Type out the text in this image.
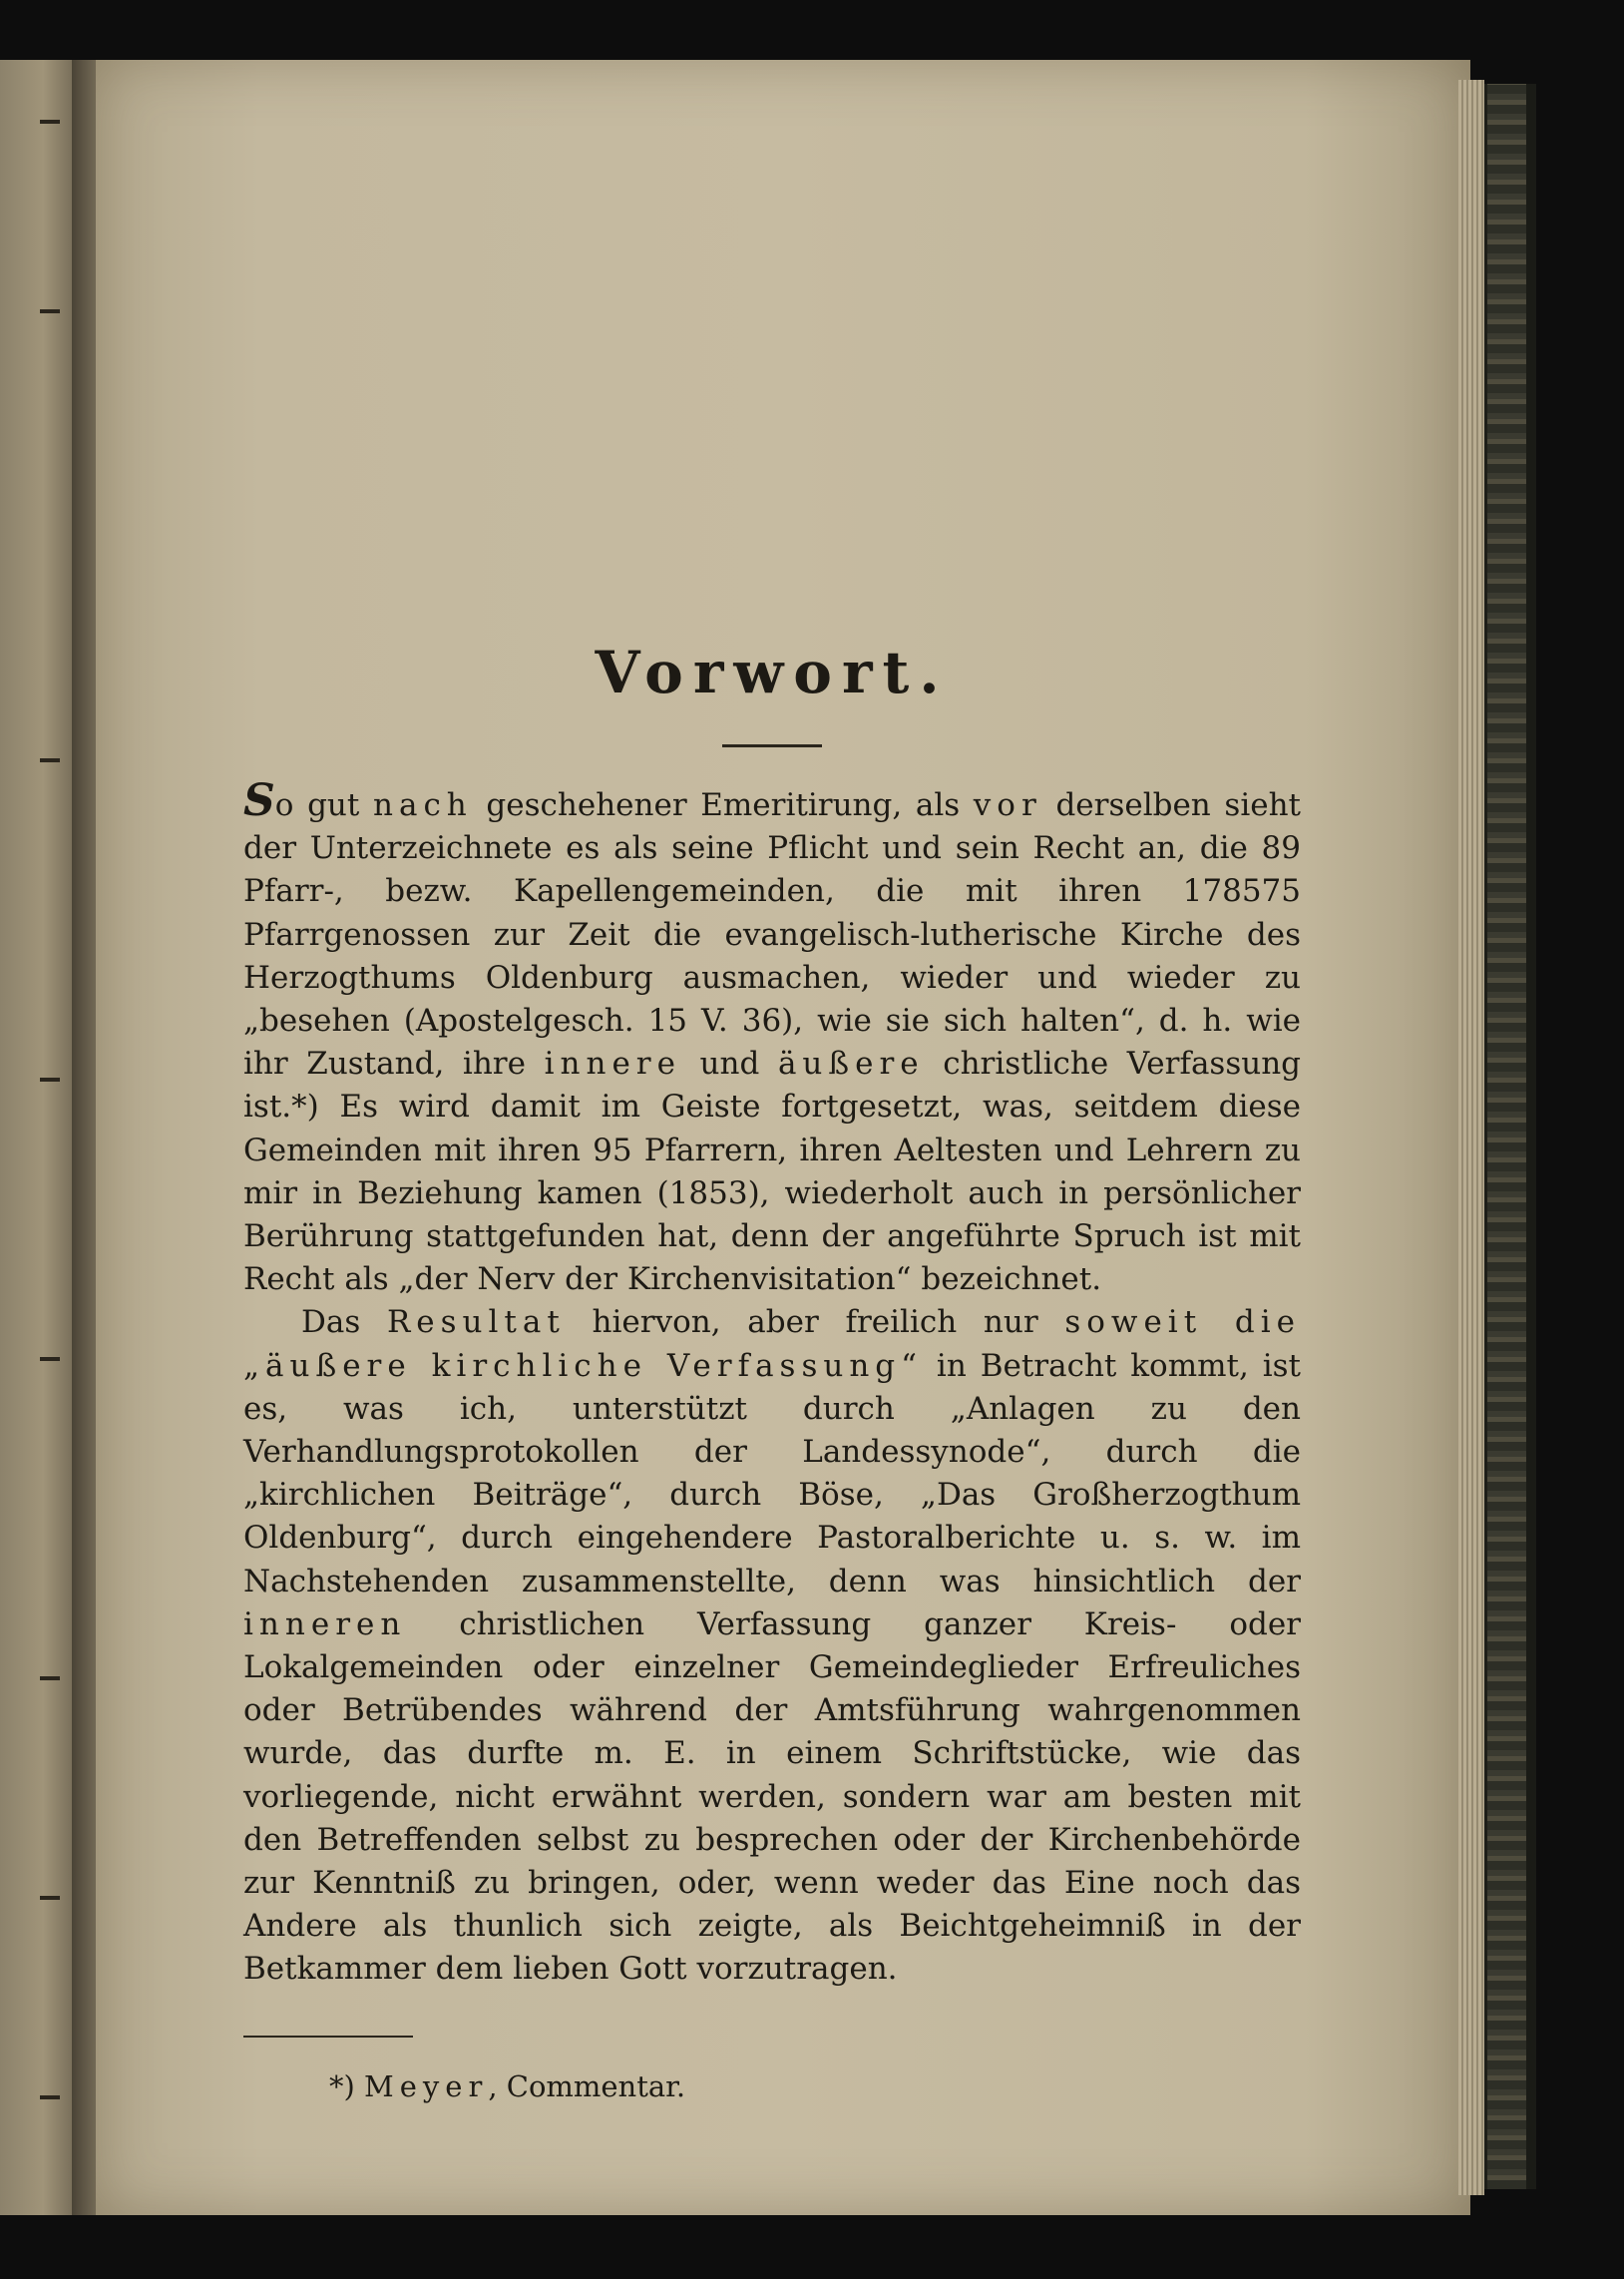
Vorwort.

So gut nach geschehener Emeritirung, als vor derselben sieht der Unterzeichnete es als seine Pflicht und sein Recht an, die 89 Pfarr-, bezw. Kapellengemeinden, die mit ihren 178575 Pfarrgenossen zur Zeit die evangelisch-lutherische Kirche des Herzogthums Oldenburg ausmachen, wieder und wieder zu „besehen (Apostelgesch. 15 V. 36), wie sie sich halten“, d. h. wie ihr Zustand, ihre innere und äußere christliche Verfassung ist.*) Es wird damit im Geiste fortgesetzt, was, seitdem diese Gemeinden mit ihren 95 Pfarrern, ihren Aeltesten und Lehrern zu mir in Beziehung kamen (1853), wiederholt auch in persönlicher Berührung stattgefunden hat, denn der angeführte Spruch ist mit Recht als „der Nerv der Kirchenvisitation“ bezeichnet.

Das Resultat hiervon, aber freilich nur soweit die „äußere kirchliche Verfassung“ in Betracht kommt, ist es, was ich, unterstützt durch „Anlagen zu den Verhandlungsprotokollen der Landessynode“, durch die „kirchlichen Beiträge“, durch Böse, „Das Großherzogthum Oldenburg“, durch eingehendere Pastoralberichte u. s. w. im Nachstehenden zusammenstellte, denn was hinsichtlich der inneren christlichen Verfassung ganzer Kreis- oder Lokalgemeinden oder einzelner Gemeindeglieder Erfreuliches oder Betrübendes während der Amtsführung wahrgenommen wurde, das durfte m. E. in einem Schriftstücke, wie das vorliegende, nicht erwähnt werden, sondern war am besten mit den Betreffenden selbst zu besprechen oder der Kirchenbehörde zur Kenntniß zu bringen, oder, wenn weder das Eine noch das Andere als thunlich sich zeigte, als Beichtgeheimniß in der Betkammer dem lieben Gott vorzutragen.

*) Meyer, Commentar.
